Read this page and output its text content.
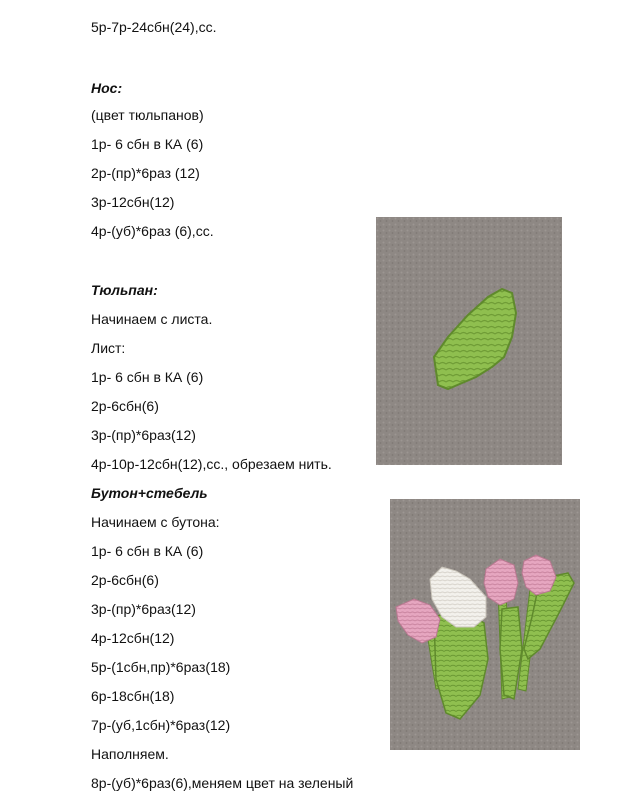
5р-7р-24сбн(24),сс.
Нос:
(цвет тюльпанов)
1р- 6 сбн в КА (6)
2р-(пр)*6раз (12)
3р-12сбн(12)
4р-(уб)*6раз (6),сс.
Тюльпан:
Начинаем с листа.
Лист:
1р- 6 сбн в КА (6)
2р-6сбн(6)
3р-(пр)*6раз(12)
4р-10р-12сбн(12),сс., обрезаем нить.
Бутон+стебель
Начинаем с бутона:
1р- 6 сбн в КА (6)
2р-6сбн(6)
3р-(пр)*6раз(12)
4р-12сбн(12)
5р-(1сбн,пр)*6раз(18)
6р-18сбн(18)
7р-(уб,1сбн)*6раз(12)
Наполняем.
8р-(уб)*6раз(6),меняем цвет на зеленый
